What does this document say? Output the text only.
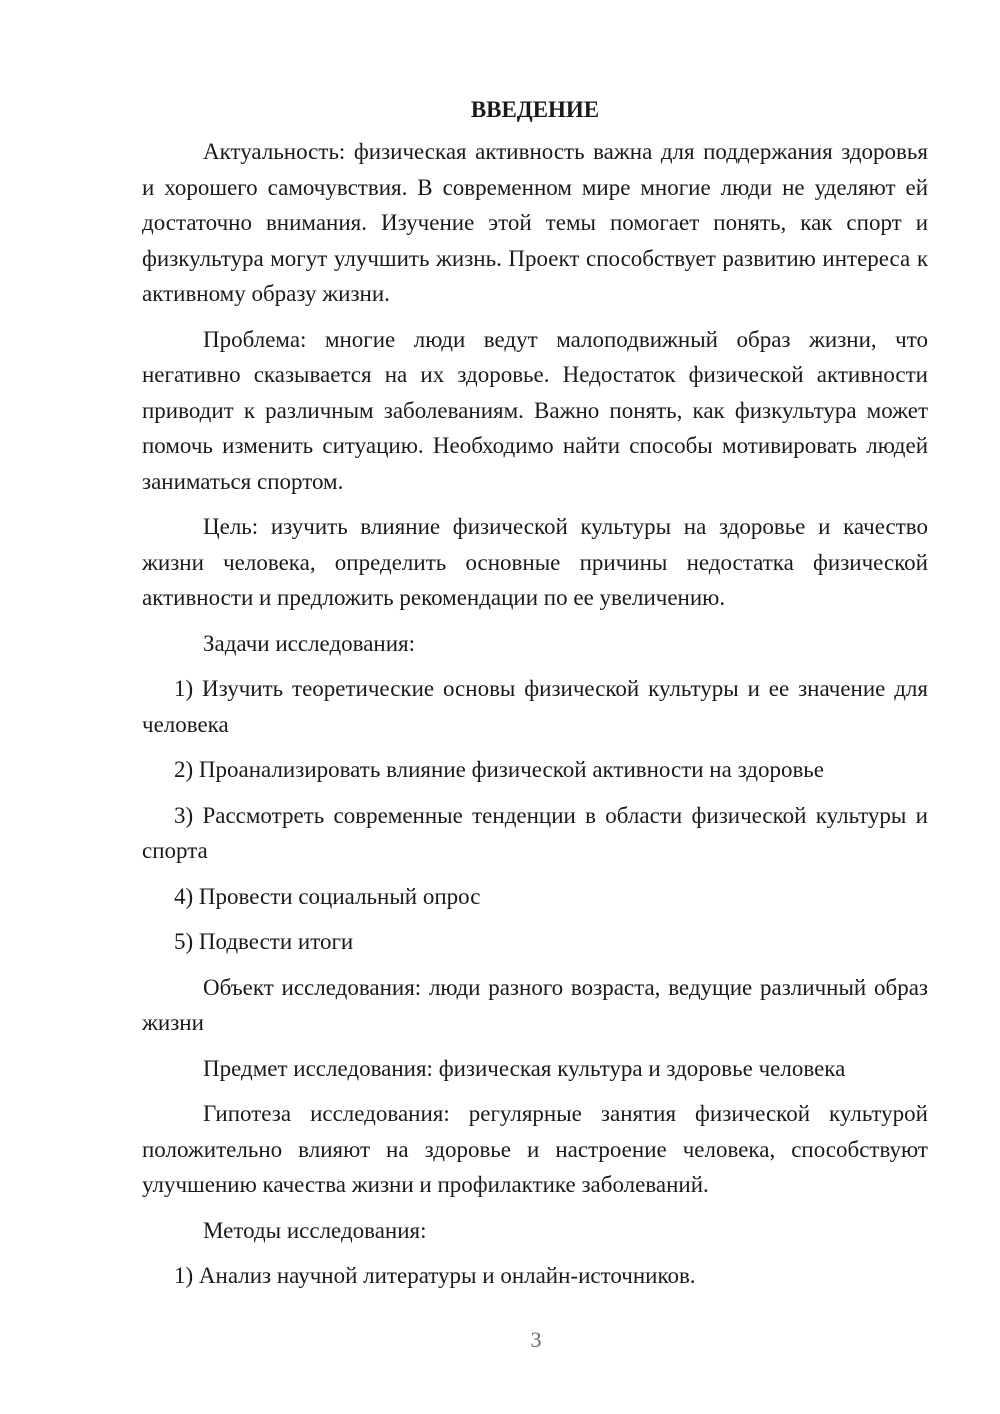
ВВЕДЕНИЕ

Актуальность: физическая активность важна для поддержания здоровья и хорошего самочувствия. В современном мире многие люди не уделяют ей достаточно внимания. Изучение этой темы помогает понять, как спорт и физкультура могут улучшить жизнь. Проект способствует развитию интереса к активному образу жизни.

Проблема: многие люди ведут малоподвижный образ жизни, что негативно сказывается на их здоровье. Недостаток физической активности приводит к различным заболеваниям. Важно понять, как физкультура может помочь изменить ситуацию. Необходимо найти способы мотивировать людей заниматься спортом.

Цель: изучить влияние физической культуры на здоровье и качество жизни человека, определить основные причины недостатка физической активности и предложить рекомендации по ее увеличению.

Задачи исследования:

1) Изучить теоретические основы физической культуры и ее значение для человека

2) Проанализировать влияние физической активности на здоровье

3) Рассмотреть современные тенденции в области физической культуры и спорта

4) Провести социальный опрос

5) Подвести итоги

Объект исследования: люди разного возраста, ведущие различный образ жизни

Предмет исследования: физическая культура и здоровье человека

Гипотеза исследования: регулярные занятия физической культурой положительно влияют на здоровье и настроение человека, способствуют улучшению качества жизни и профилактике заболеваний.

Методы исследования:

1) Анализ научной литературы и онлайн-источников.

3
